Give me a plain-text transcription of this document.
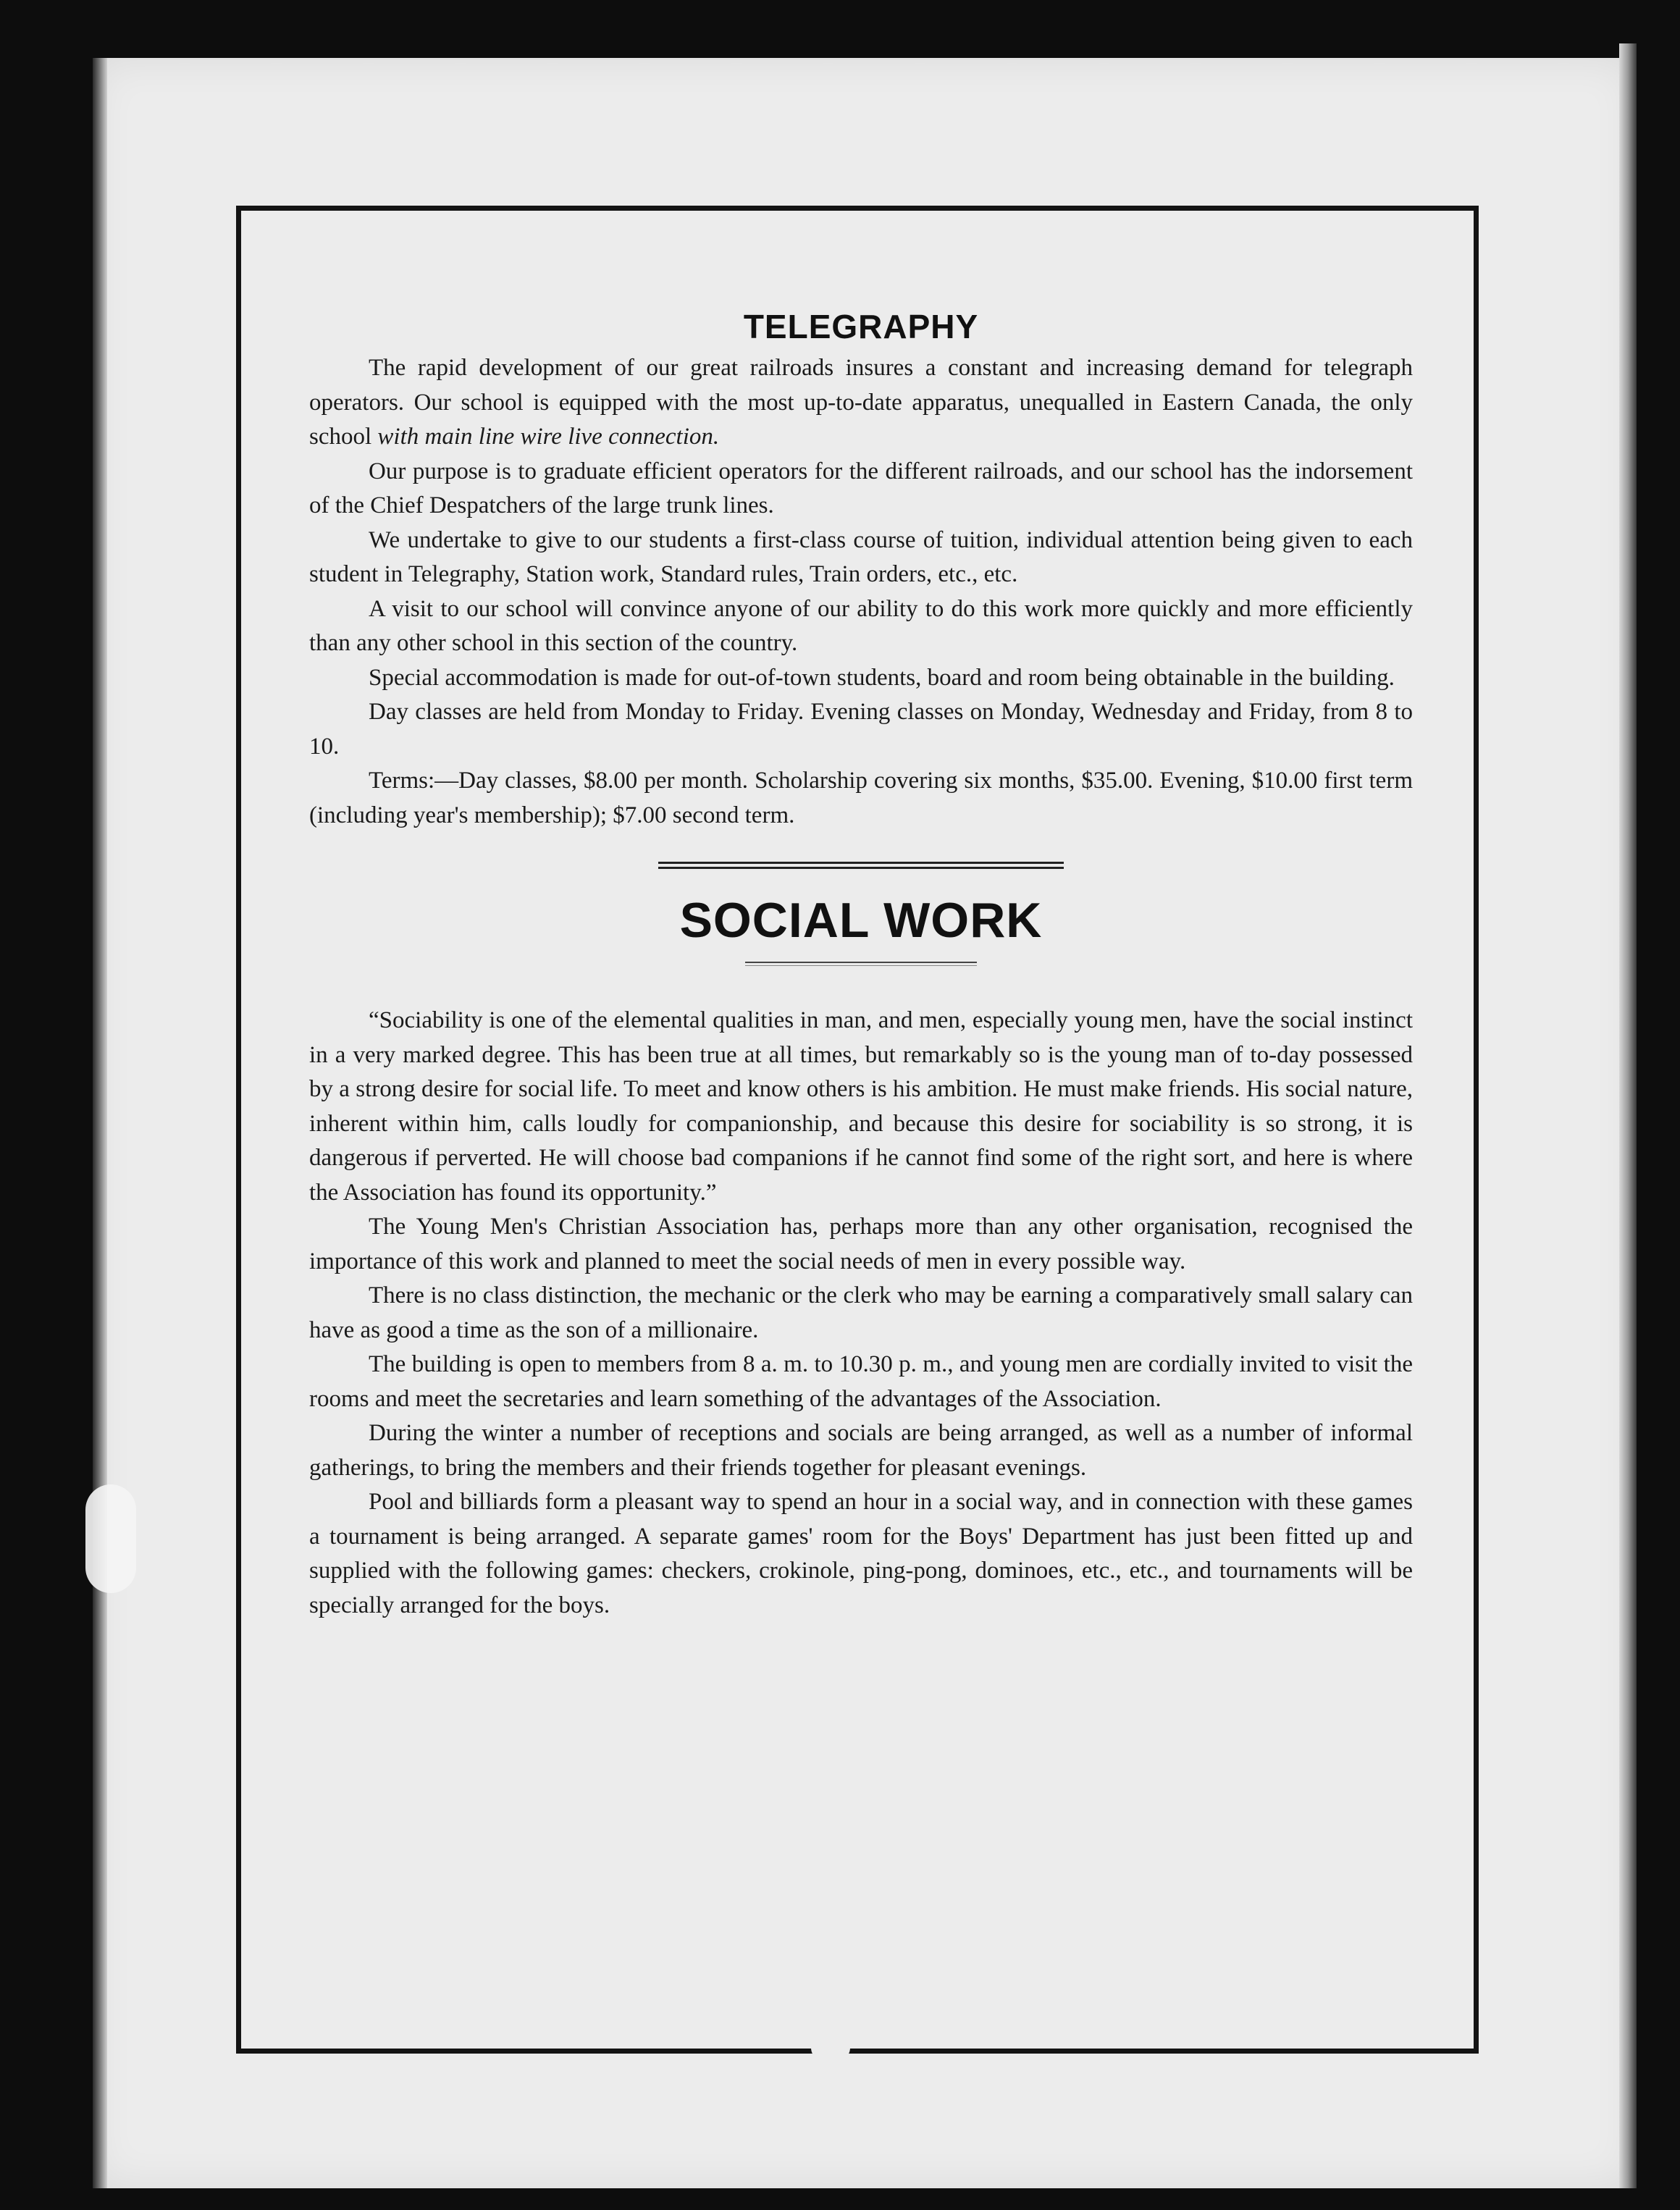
TELEGRAPHY

The rapid development of our great railroads insures a constant and increasing demand for telegraph operators. Our school is equipped with the most up-to-date apparatus, unequalled in Eastern Canada, the only school with main line wire live connection.

Our purpose is to graduate efficient operators for the different railroads, and our school has the indorsement of the Chief Despatchers of the large trunk lines.

We undertake to give to our students a first-class course of tuition, individual attention being given to each student in Telegraphy, Station work, Standard rules, Train orders, etc., etc.

A visit to our school will convince anyone of our ability to do this work more quickly and more efficiently than any other school in this section of the country.

Special accommodation is made for out-of-town students, board and room being obtainable in the building.

Day classes are held from Monday to Friday. Evening classes on Monday, Wednesday and Friday, from 8 to 10.

Terms:—Day classes, $8.00 per month. Scholarship covering six months, $35.00. Evening, $10.00 first term (including year's membership); $7.00 second term.

SOCIAL WORK

“Sociability is one of the elemental qualities in man, and men, especially young men, have the social instinct in a very marked degree. This has been true at all times, but remarkably so is the young man of to-day possessed by a strong desire for social life. To meet and know others is his ambition. He must make friends. His social nature, inherent within him, calls loudly for companionship, and because this desire for sociability is so strong, it is dangerous if perverted. He will choose bad companions if he cannot find some of the right sort, and here is where the Association has found its opportunity.”

The Young Men's Christian Association has, perhaps more than any other organisation, recognised the importance of this work and planned to meet the social needs of men in every possible way.

There is no class distinction, the mechanic or the clerk who may be earning a comparatively small salary can have as good a time as the son of a millionaire.

The building is open to members from 8 a. m. to 10.30 p. m., and young men are cordially invited to visit the rooms and meet the secretaries and learn something of the advantages of the Association.

During the winter a number of receptions and socials are being arranged, as well as a number of informal gatherings, to bring the members and their friends together for pleasant evenings.

Pool and billiards form a pleasant way to spend an hour in a social way, and in connection with these games a tournament is being arranged. A separate games' room for the Boys' Department has just been fitted up and supplied with the following games: checkers, crokinole, ping-pong, dominoes, etc., etc., and tournaments will be specially arranged for the boys.
